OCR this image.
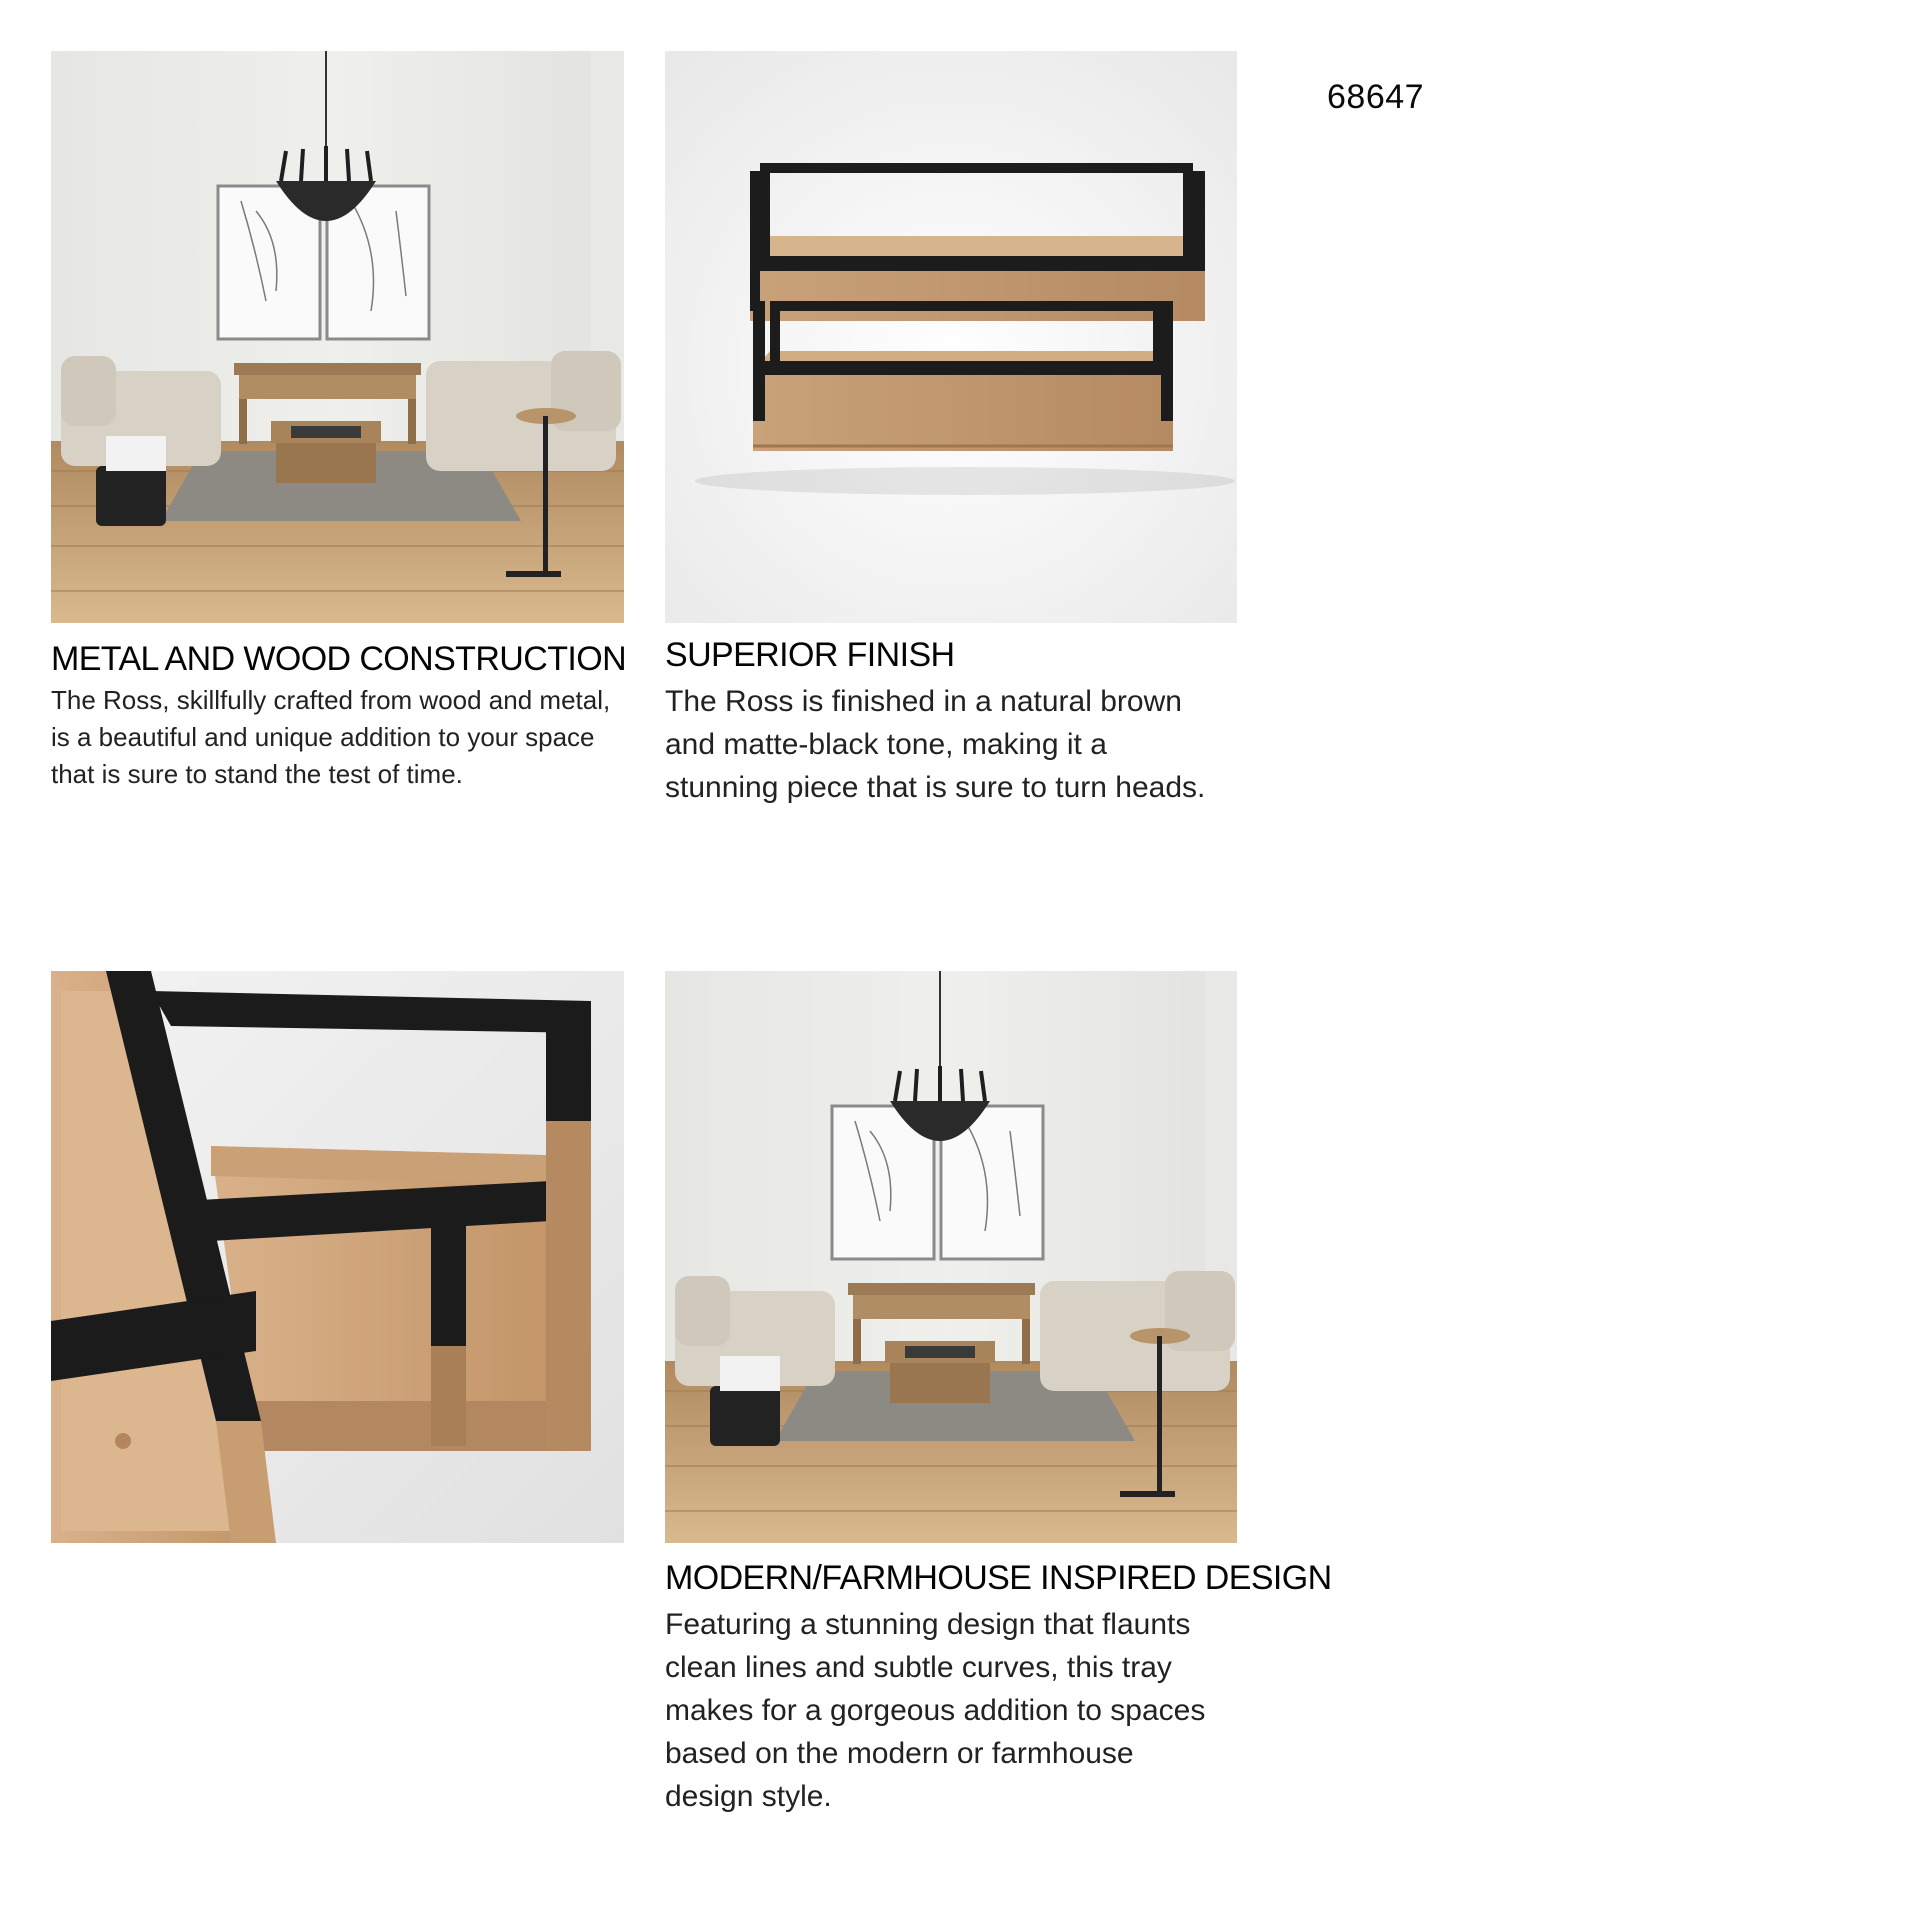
68647
METAL AND WOOD CONSTRUCTION

The Ross, skillfully crafted from wood and metal, is a beautiful and unique addition to your space that is sure to stand the test of time.

SUPERIOR FINISH

The Ross is finished in a natural brown and matte-black tone, making it a stunning piece that is sure to turn heads.

MODERN/FARMHOUSE INSPIRED DESIGN

Featuring a stunning design that flaunts clean lines and subtle curves, this tray makes for a gorgeous addition to spaces based on the modern or farmhouse design style.
